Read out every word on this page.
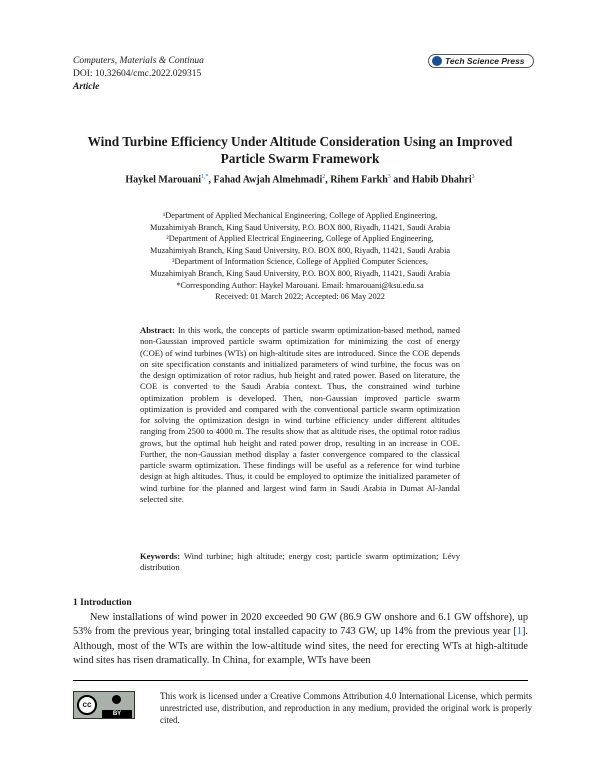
Computers, Materials & Continua
DOI: 10.32604/cmc.2022.029315
Article
Tech Science Press
Wind Turbine Efficiency Under Altitude Consideration Using an Improved Particle Swarm Framework
Haykel Marouani$^{1,*}$, Fahad Awjah Almehmadi$^2$, Rihem Farkh$^3$ and Habib Dhahri$^3$
¹Department of Applied Mechanical Engineering, College of Applied Engineering,
Muzahimiyah Branch, King Saud University, P.O. BOX 800, Riyadh, 11421, Saudi Arabia
²Department of Applied Electrical Engineering, College of Applied Engineering,
Muzahimiyah Branch, King Saud University, P.O. BOX 800, Riyadh, 11421, Saudi Arabia
³Department of Information Science, College of Applied Computer Sciences,
Muzahimiyah Branch, King Saud University, P.O. BOX 800, Riyadh, 11421, Saudi Arabia
*Corresponding Author: Haykel Marouani. Email: hmarouani@ksu.edu.sa
Received: 01 March 2022; Accepted: 06 May 2022
Abstract: In this work, the concepts of particle swarm optimization-based method, named non-Gaussian improved particle swarm optimization for minimizing the cost of energy (COE) of wind turbines (WTs) on high-altitude sites are introduced. Since the COE depends on site specification constants and initialized parameters of wind turbine, the focus was on the design optimization of rotor radius, hub height and rated power. Based on literature, the COE is converted to the Saudi Arabia context. Thus, the constrained wind turbine optimization problem is developed. Then, non-Gaussian improved particle swarm optimization is provided and compared with the conventional particle swarm optimization for solving the optimization design in wind turbine efficiency under different altitudes ranging from 2500 to 4000 m. The results show that as altitude rises, the optimal rotor radius grows, but the optimal hub height and rated power drop, resulting in an increase in COE. Further, the non-Gaussian method display a faster convergence compared to the classical particle swarm optimization. These findings will be useful as a reference for wind turbine design at high altitudes. Thus, it could be employed to optimize the initialized parameter of wind turbine for the planned and largest wind farm in Saudi Arabia in Dumat Al-Jandal selected site.
Keywords: Wind turbine; high altitude; energy cost; particle swarm optimization; Lévy distribution
1 Introduction
New installations of wind power in 2020 exceeded 90 GW (86.9 GW onshore and 6.1 GW offshore), up 53% from the previous year, bringing total installed capacity to 743 GW, up 14% from the previous year [1]. Although, most of the WTs are within the low-altitude wind sites, the need for erecting WTs at high-altitude wind sites has risen dramatically. In China, for example, WTs have been
cc
BY
This work is licensed under a Creative Commons Attribution 4.0 International License, which permits unrestricted use, distribution, and reproduction in any medium, provided the original work is properly cited.
